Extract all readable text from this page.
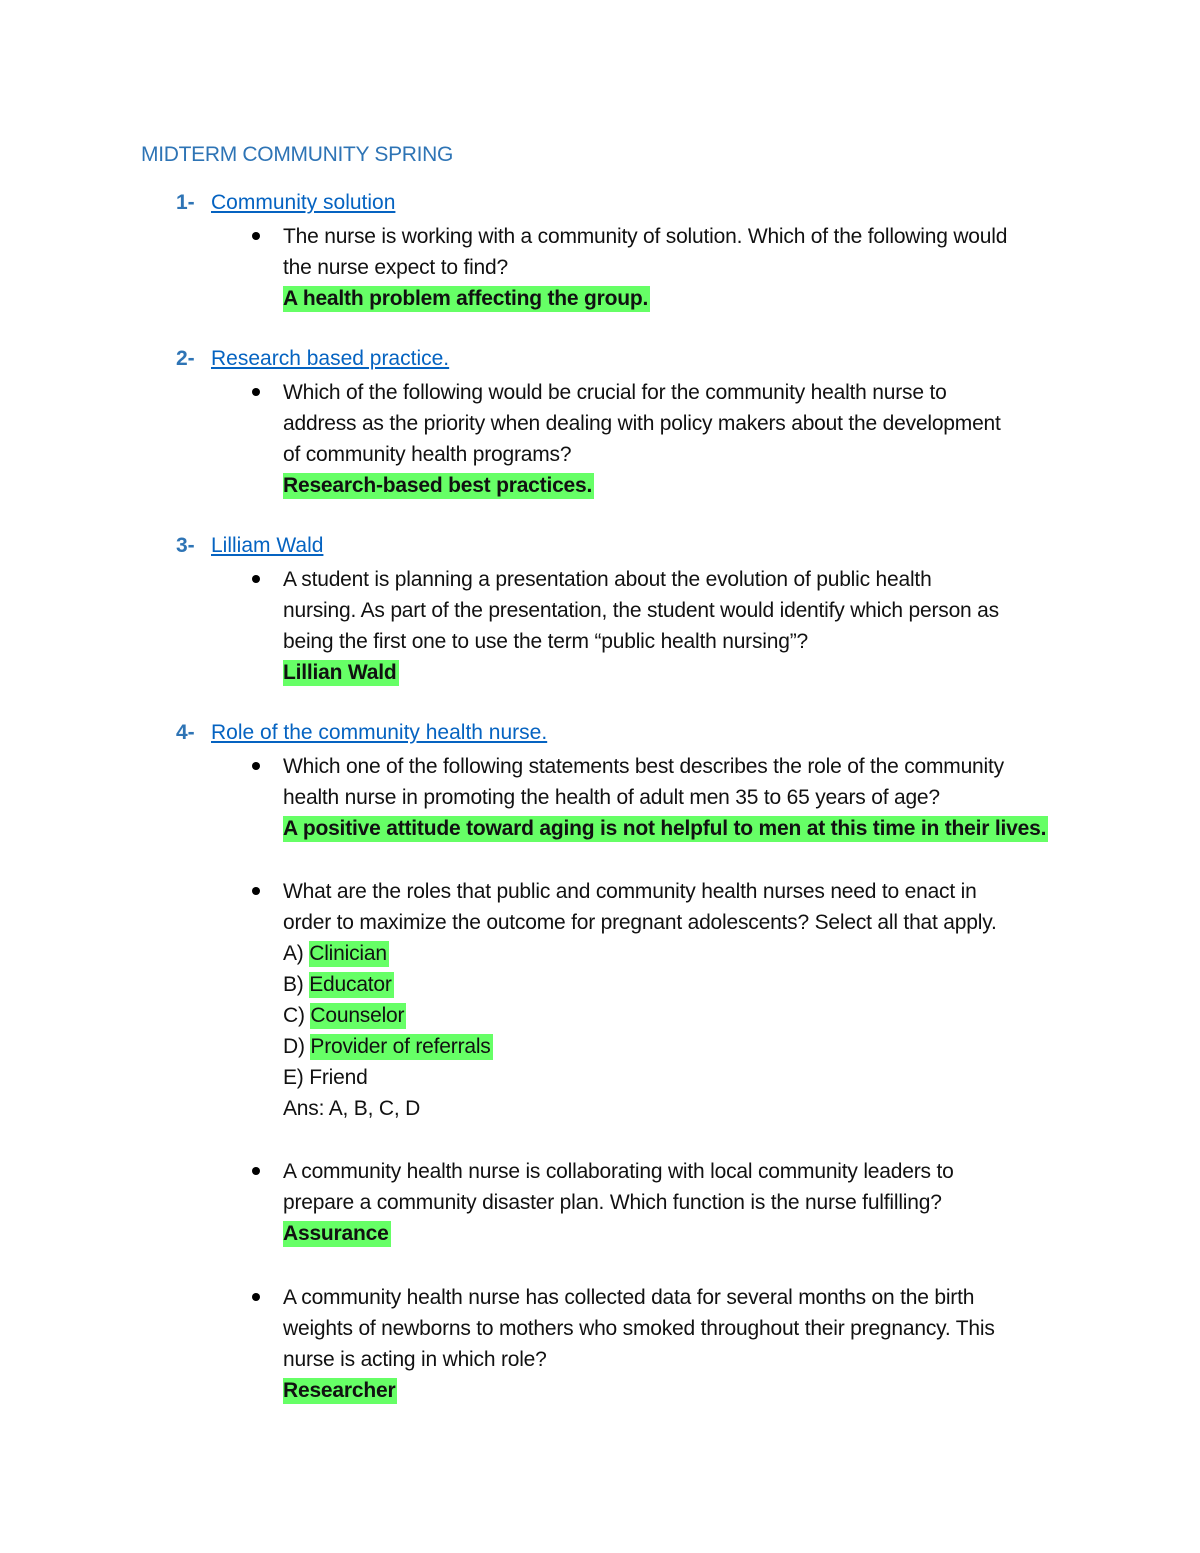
MIDTERM COMMUNITY SPRING
1- Community solution
The nurse is working with a community of solution. Which of the following would
the nurse expect to find?
A health problem affecting the group.
2- Research based practice.
Which of the following would be crucial for the community health nurse to
address as the priority when dealing with policy makers about the development
of community health programs?
Research-based best practices.
3- Lilliam Wald
A student is planning a presentation about the evolution of public health
nursing. As part of the presentation, the student would identify which person as
being the first one to use the term “public health nursing”?
Lillian Wald
4- Role of the community health nurse.
Which one of the following statements best describes the role of the community
health nurse in promoting the health of adult men 35 to 65 years of age?
A positive attitude toward aging is not helpful to men at this time in their lives.
What are the roles that public and community health nurses need to enact in
order to maximize the outcome for pregnant adolescents? Select all that apply.
A) Clinician
B) Educator
C) Counselor
D) Provider of referrals
E) Friend
Ans: A, B, C, D
A community health nurse is collaborating with local community leaders to
prepare a community disaster plan. Which function is the nurse fulfilling?
Assurance
A community health nurse has collected data for several months on the birth
weights of newborns to mothers who smoked throughout their pregnancy. This
nurse is acting in which role?
Researcher
